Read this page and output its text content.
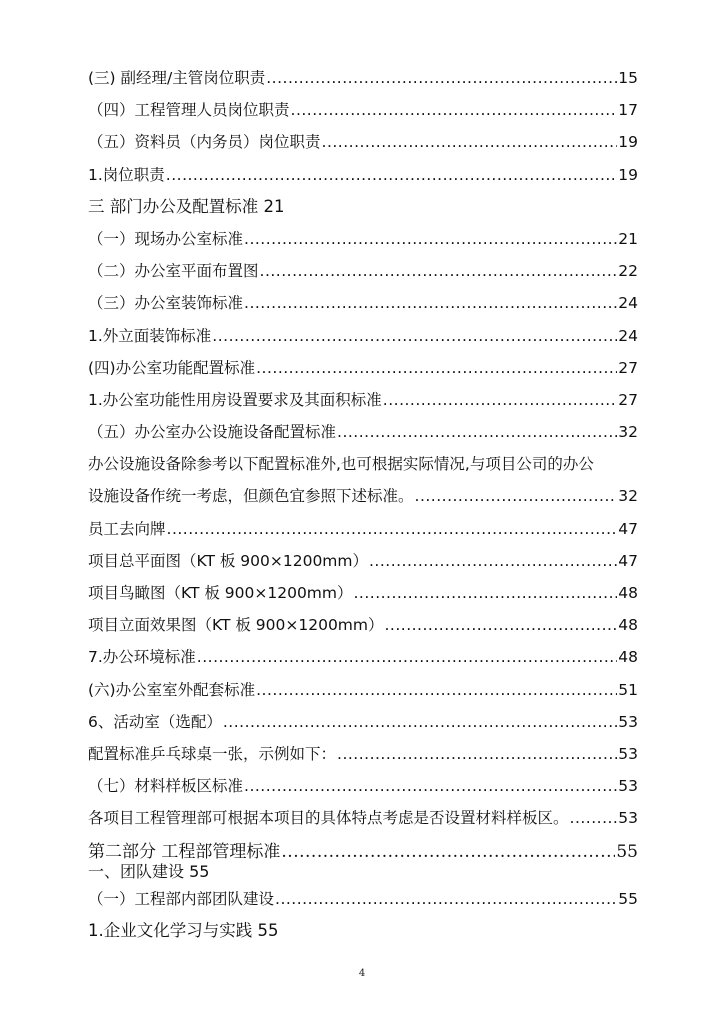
(三) 副经理/主管岗位职责 .....	15
（四）工程管理人员岗位职责 .....	17
（五）资料员（内务员）岗位职责 .....	19
1.岗位职责 .....	19
三 部门办公及配置标准 21
（一）现场办公室标准 .....	21
（二）办公室平面布置图 .....	22
（三）办公室装饰标准 .....	24
1.外立面装饰标准 .....	24
(四)办公室功能配置标准 .....	27
1.办公室功能性用房设置要求及其面积标准 .....	27
（五）办公室办公设施设备配置标准 .....	32
办公设施设备除参考以下配置标准外,也可根据实际情况,与项目公司的办公
设施设备作统一考虑，但颜色宜参照下述标准。 .....	32
员工去向牌 .....	47
项目总平面图（KT 板 900×1200mm） .....	47
项目鸟瞰图（KT 板 900×1200mm） .....	48
项目立面效果图（KT 板 900×1200mm） .....	48
7.办公环境标准 .....	48
(六)办公室室外配套标准 .....	51
6、活动室（选配） .....	53
配置标准乒乓球桌一张，示例如下： .....	53
（七）材料样板区标准 .....	53
各项目工程管理部可根据本项目的具体特点考虑是否设置材料样板区。 .....	53
第二部分 工程部管理标准 .....	55
一、团队建设 55
（一）工程部内部团队建设 .....	55
1.企业文化学习与实践 55
4
